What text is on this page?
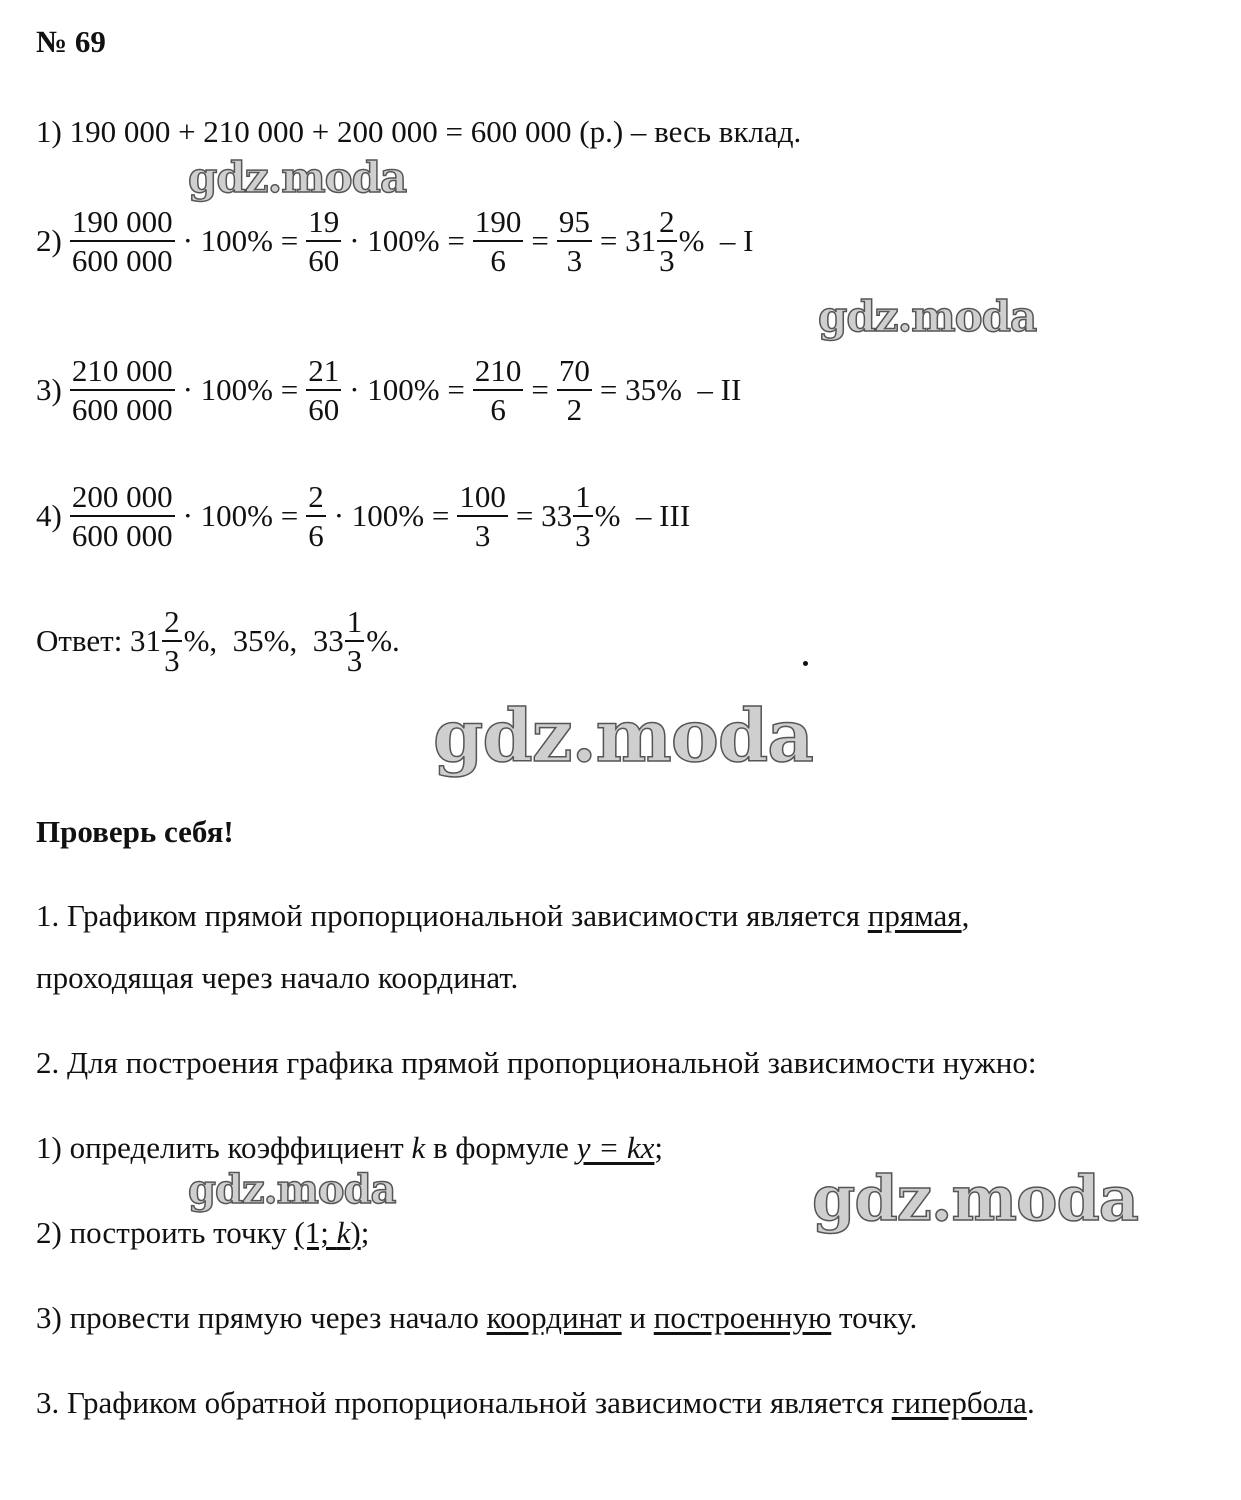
№ 69
1) 190 000 + 210 000 + 200 000 = 600 000 (р.) – весь вклад.
$2) \frac{190 000}{600 000} \cdot 100\% = \frac{19}{60} \cdot 100\% = \frac{190}{6} = \frac{95}{3} = 31 \frac{2}{3}$ %  – I
$3) \frac{210 000}{600 000} \cdot 100\% = \frac{21}{60} \cdot 100\% = \frac{210}{6} = \frac{70}{2} = 35\%$  – II
$4) \frac{200 000}{600 000} \cdot 100\% = \frac{2}{6} \cdot 100\% = \frac{100}{3} = 33 \frac{1}{3}$ %  – III
Ответ: $31 \frac{2}{3}$ %,  35%,  $33 \frac{1}{3}$ %.
Проверь себя!
1. Графиком прямой пропорциональной зависимости является прямая ,
проходящая через начало координат.
2. Для построения графика прямой пропорциональной зависимости нужно:
1) определить коэффициент k в формуле y = kx ;
2) построить точку (1; k ) ;
3) провести прямую через начало координат и построенную точку.
3. Графиком обратной пропорциональной зависимости является гипербола .
gdz.moda
gdz.moda
gdz.moda
gdz.moda	gdz.moda
